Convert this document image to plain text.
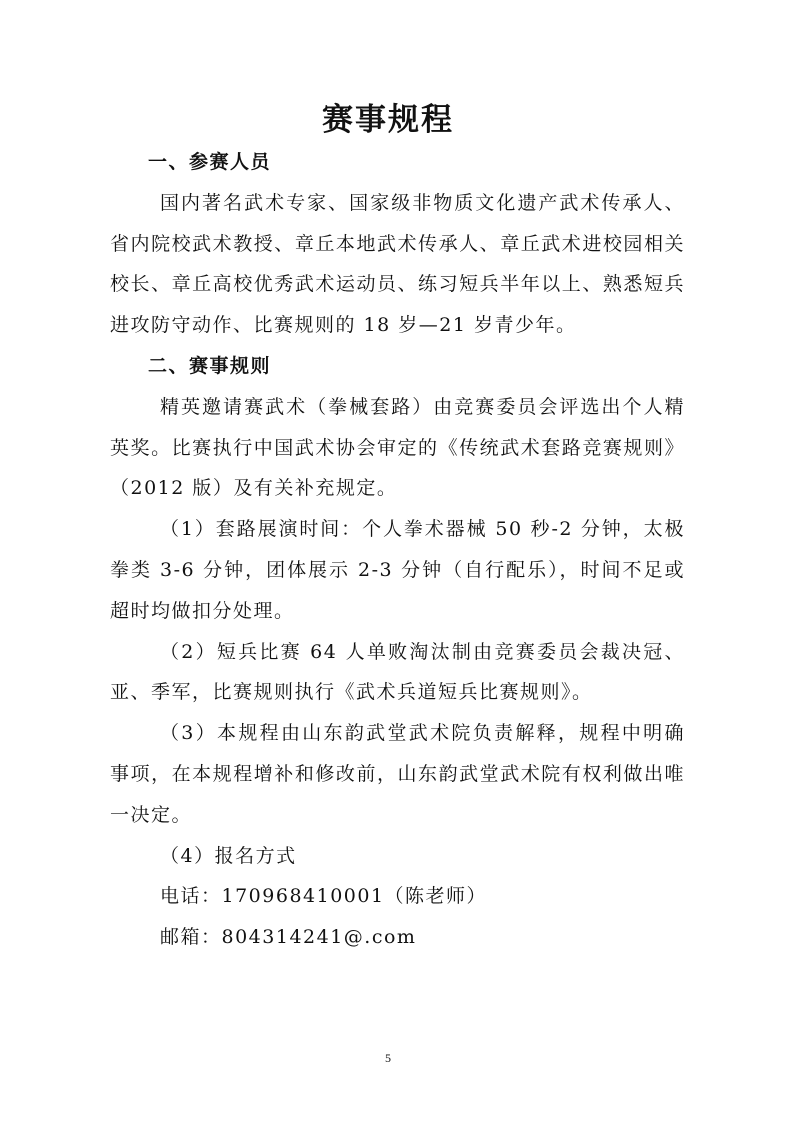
赛事规程

一、参赛人员

国内著名武术专家、国家级非物质文化遗产武术传承人、省内院校武术教授、章丘本地武术传承人、章丘武术进校园相关校长、章丘高校优秀武术运动员、练习短兵半年以上、熟悉短兵进攻防守动作、比赛规则的 18 岁—21 岁青少年。

二、赛事规则

精英邀请赛武术（拳械套路）由竞赛委员会评选出个人精英奖。比赛执行中国武术协会审定的《传统武术套路竞赛规则》（2012 版）及有关补充规定。

（1）套路展演时间：个人拳术器械 50 秒-2 分钟，太极拳类 3-6 分钟，团体展示 2-3 分钟（自行配乐），时间不足或超时均做扣分处理。

（2）短兵比赛 64 人单败淘汰制由竞赛委员会裁决冠、亚、季军，比赛规则执行《武术兵道短兵比赛规则》。

（3）本规程由山东韵武堂武术院负责解释，规程中明确事项，在本规程增补和修改前，山东韵武堂武术院有权利做出唯一决定。

（4）报名方式

电话：170968410001（陈老师）

邮箱：804314241@.com

5
